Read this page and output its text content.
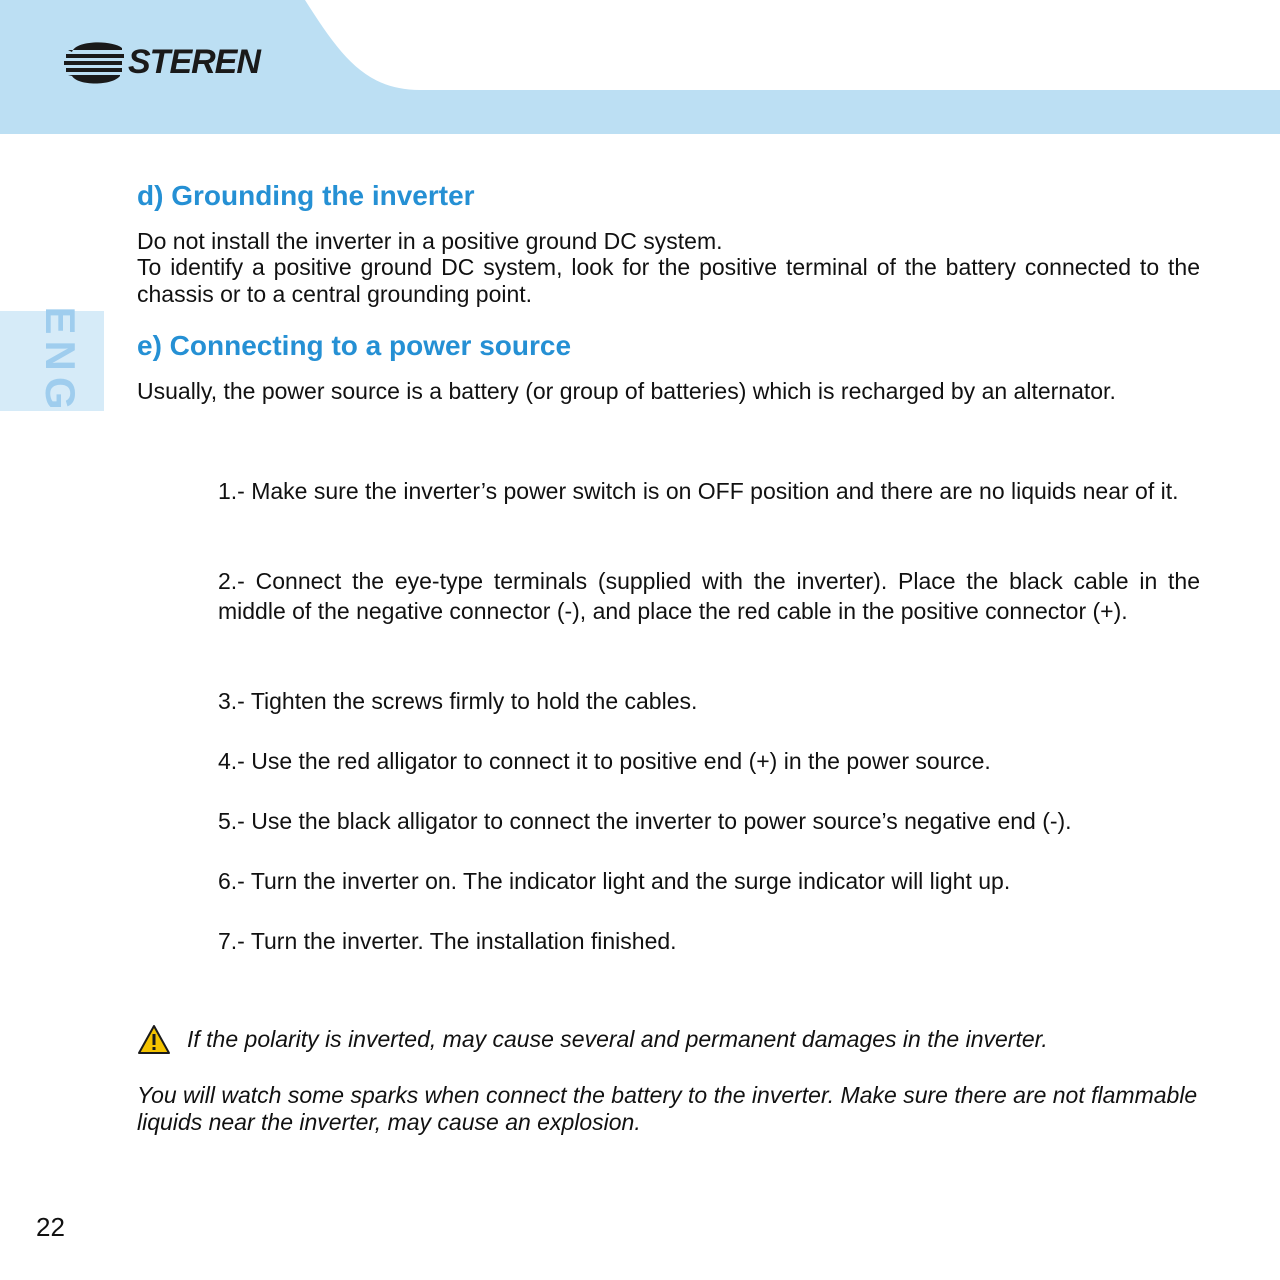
STEREN
ENG
d) Grounding the inverter

Do not install the inverter in a positive ground DC system.

To identify a positive ground DC system, look for the positive terminal of the battery connected to the chassis or to a central grounding point.

e) Connecting to a power source

Usually, the power source is a battery (or group of batteries) which is recharged by an alternator.

1.- Make sure the inverter’s power switch is on OFF position and there are no liquids near of it.

2.- Connect the eye-type terminals (supplied with the inverter). Place the black cable in the middle of the negative connector (-), and place the red cable in the positive connector (+).

3.- Tighten the screws firmly to hold the cables.

4.- Use the red alligator to connect it to positive end (+) in the power source.

5.- Use the black alligator to connect the inverter to power source’s negative end (-).

6.- Turn the inverter on. The indicator light and the surge indicator will light up.

7.- Turn the inverter. The installation finished.

If the polarity is inverted, may cause several and permanent damages in the inverter.

You will watch some sparks when connect the battery to the inverter. Make sure there are not flammable liquids near the inverter, may cause an explosion.

22
